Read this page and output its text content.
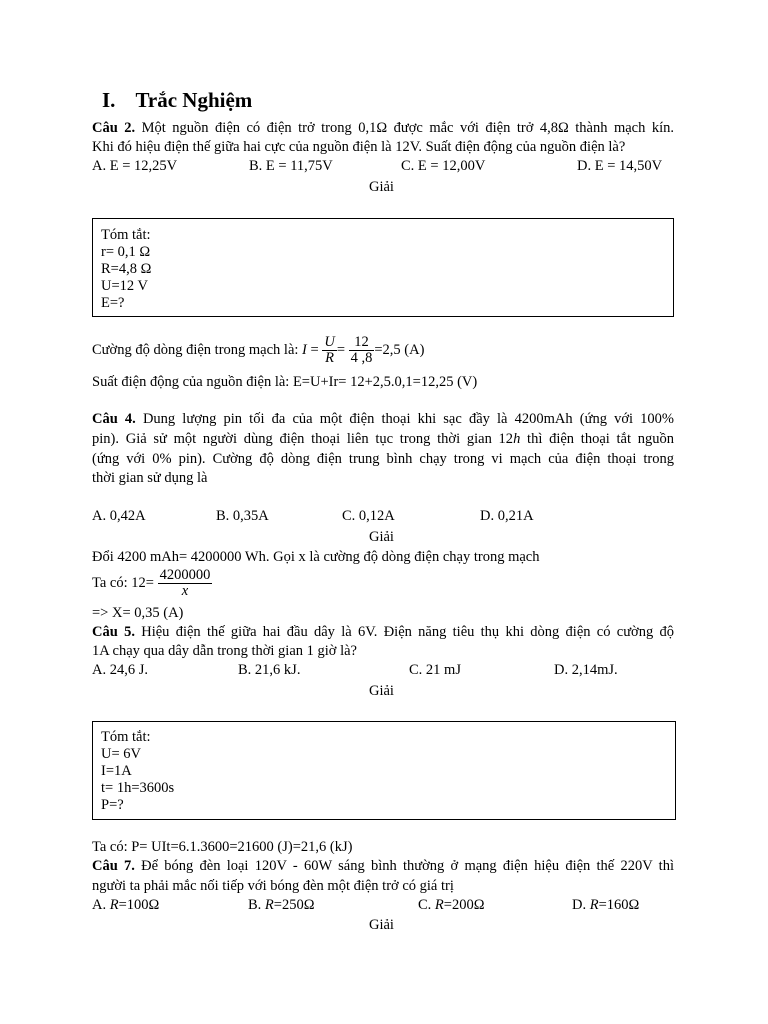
I. Trắc Nghiệm
Câu 2. Một nguồn điện có điện trở trong 0,1Ω được mắc với điện trở 4,8Ω thành mạch kín.
Khi đó hiệu điện thế giữa hai cực của nguồn điện là 12V. Suất điện động của nguồn điện là?
A. E = 12,25V	B. E = 11,75V	C. E = 12,00V	D. E = 14,50V
Giải
Tóm tắt:
r= 0,1 Ω
R=4,8 Ω
U=12 V
E=?
Cường độ dòng điện trong mạch là: $I = \frac{U}{R} = \frac{12}{4 ,8} =2,5$ (A)
Suất điện động của nguồn điện là: E=U+Ir= 12+2,5.0,1=12,25 (V)
Câu 4. Dung lượng pin tối đa của một điện thoại khi sạc đầy là 4200mAh (ứng với 100%
pin). Giả sử một người dùng điện thoại liên tục trong thời gian 12h thì điện thoại tắt nguồn
(ứng với 0% pin). Cường độ dòng điện trung bình chạy trong vi mạch của điện thoại trong
thời gian sử dụng là
A. 0,42A	B. 0,35A	C. 0,12A	D. 0,21A
Giải
Đổi 4200 mAh= 4200000 Wh. Gọi x là cường độ dòng điện chạy trong mạch
Ta có: $12= \frac{4200000}{x}$
=> X= 0,35 (A)
Câu 5. Hiệu điện thế giữa hai đầu dây là 6V. Điện năng tiêu thụ khi dòng điện có cường độ
1A chạy qua dây dẫn trong thời gian 1 giờ là?
A. 24,6 J.	B. 21,6 kJ.	C. 21 mJ	D. 2,14mJ.
Giải
Tóm tắt:
U= 6V
I=1A
t= 1h=3600s
P=?
Ta có: P= UIt=6.1.3600=21600 (J)=21,6 (kJ)
Câu 7. Để bóng đèn loại 120V - 60W sáng bình thường ở mạng điện hiệu điện thế 220V thì
người ta phải mắc nối tiếp với bóng đèn một điện trở có giá trị
A. R=100Ω	B. R=250Ω	C. R=200Ω	D. R=160Ω
Giải
